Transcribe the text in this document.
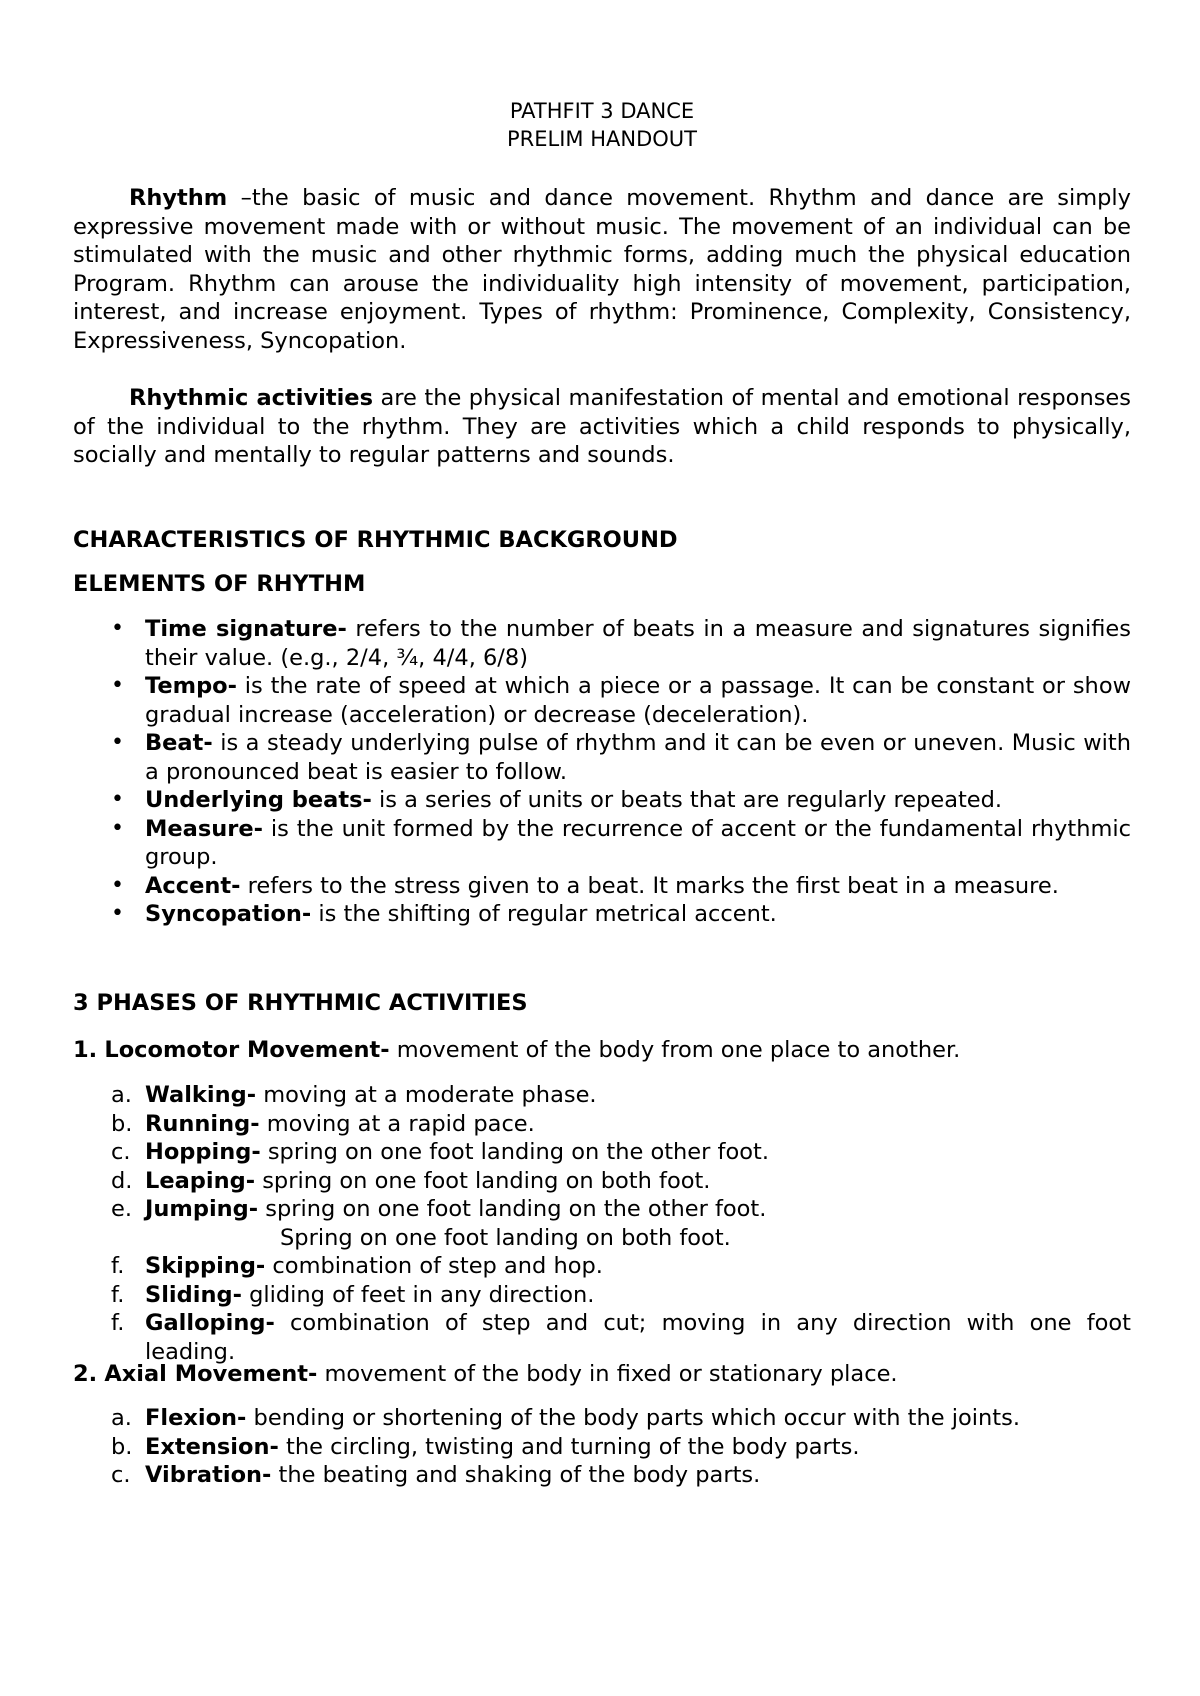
PATHFIT 3 DANCE
PRELIM HANDOUT
Rhythm –the basic of music and dance movement. Rhythm and dance are simply expressive movement made with or without music. The movement of an individual can be stimulated with the music and other rhythmic forms, adding much the physical education Program. Rhythm can arouse the individuality high intensity of movement, participation, interest, and increase enjoyment. Types of rhythm: Prominence, Complexity, Consistency, Expressiveness, Syncopation.
Rhythmic activities are the physical manifestation of mental and emotional responses of the individual to the rhythm. They are activities which a child responds to physically, socially and mentally to regular patterns and sounds.
CHARACTERISTICS OF RHYTHMIC BACKGROUND
ELEMENTS OF RHYTHM
• Time signature- refers to the number of beats in a measure and signatures signifies their value. (e.g., 2/4, ¾, 4/4, 6/8)
• Tempo- is the rate of speed at which a piece or a passage. It can be constant or show gradual increase (acceleration) or decrease (deceleration).
• Beat- is a steady underlying pulse of rhythm and it can be even or uneven. Music with a pronounced beat is easier to follow.
• Underlying beats- is a series of units or beats that are regularly repeated.
• Measure- is the unit formed by the recurrence of accent or the fundamental rhythmic group.
• Accent- refers to the stress given to a beat. It marks the first beat in a measure.
• Syncopation- is the shifting of regular metrical accent.
3 PHASES OF RHYTHMIC ACTIVITIES
1. Locomotor Movement- movement of the body from one place to another.
a. Walking- moving at a moderate phase.
b. Running- moving at a rapid pace.
c. Hopping- spring on one foot landing on the other foot.
d. Leaping- spring on one foot landing on both foot.
e. Jumping- spring on one foot landing on the other foot.
Spring on one foot landing on both foot.
f. Skipping- combination of step and hop.
f. Sliding- gliding of feet in any direction.
f. Galloping- combination of step and cut; moving in any direction with one foot leading.
2. Axial Movement- movement of the body in fixed or stationary place.
a. Flexion- bending or shortening of the body parts which occur with the joints.
b. Extension- the circling, twisting and turning of the body parts.
c. Vibration- the beating and shaking of the body parts.
